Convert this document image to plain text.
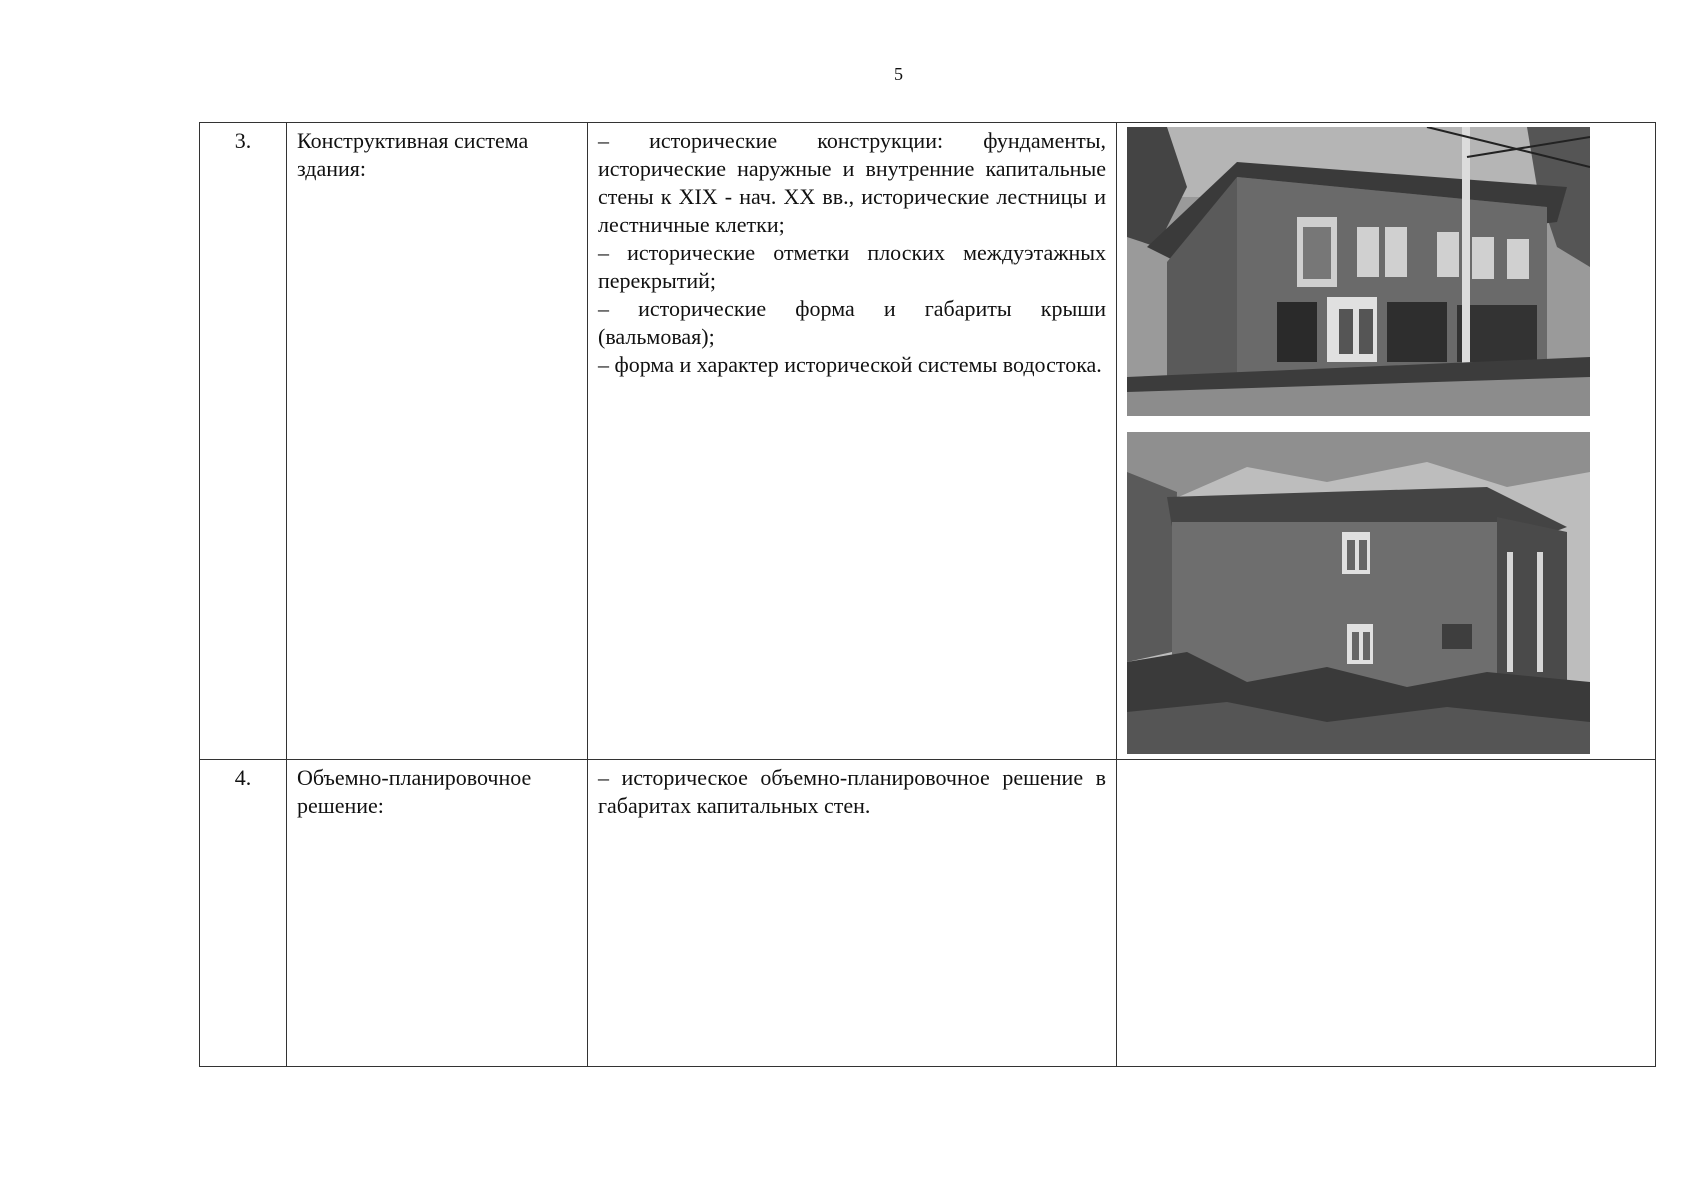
5
3.	Конструктивная система здания:	– исторические конструкции: фундаменты, исторические наружные и внутренние капитальные стены к XIX - нач. XX вв., исторические лестницы и лестничные клетки;
– исторические отметки плоских междуэтажных перекрытий;
– исторические форма и габариты крыши (вальмовая);
– форма и характер исторической системы водостока.

4.	Объемно-планировочное решение:	– историческое объемно-планировочное решение в габаритах капитальных стен.	
